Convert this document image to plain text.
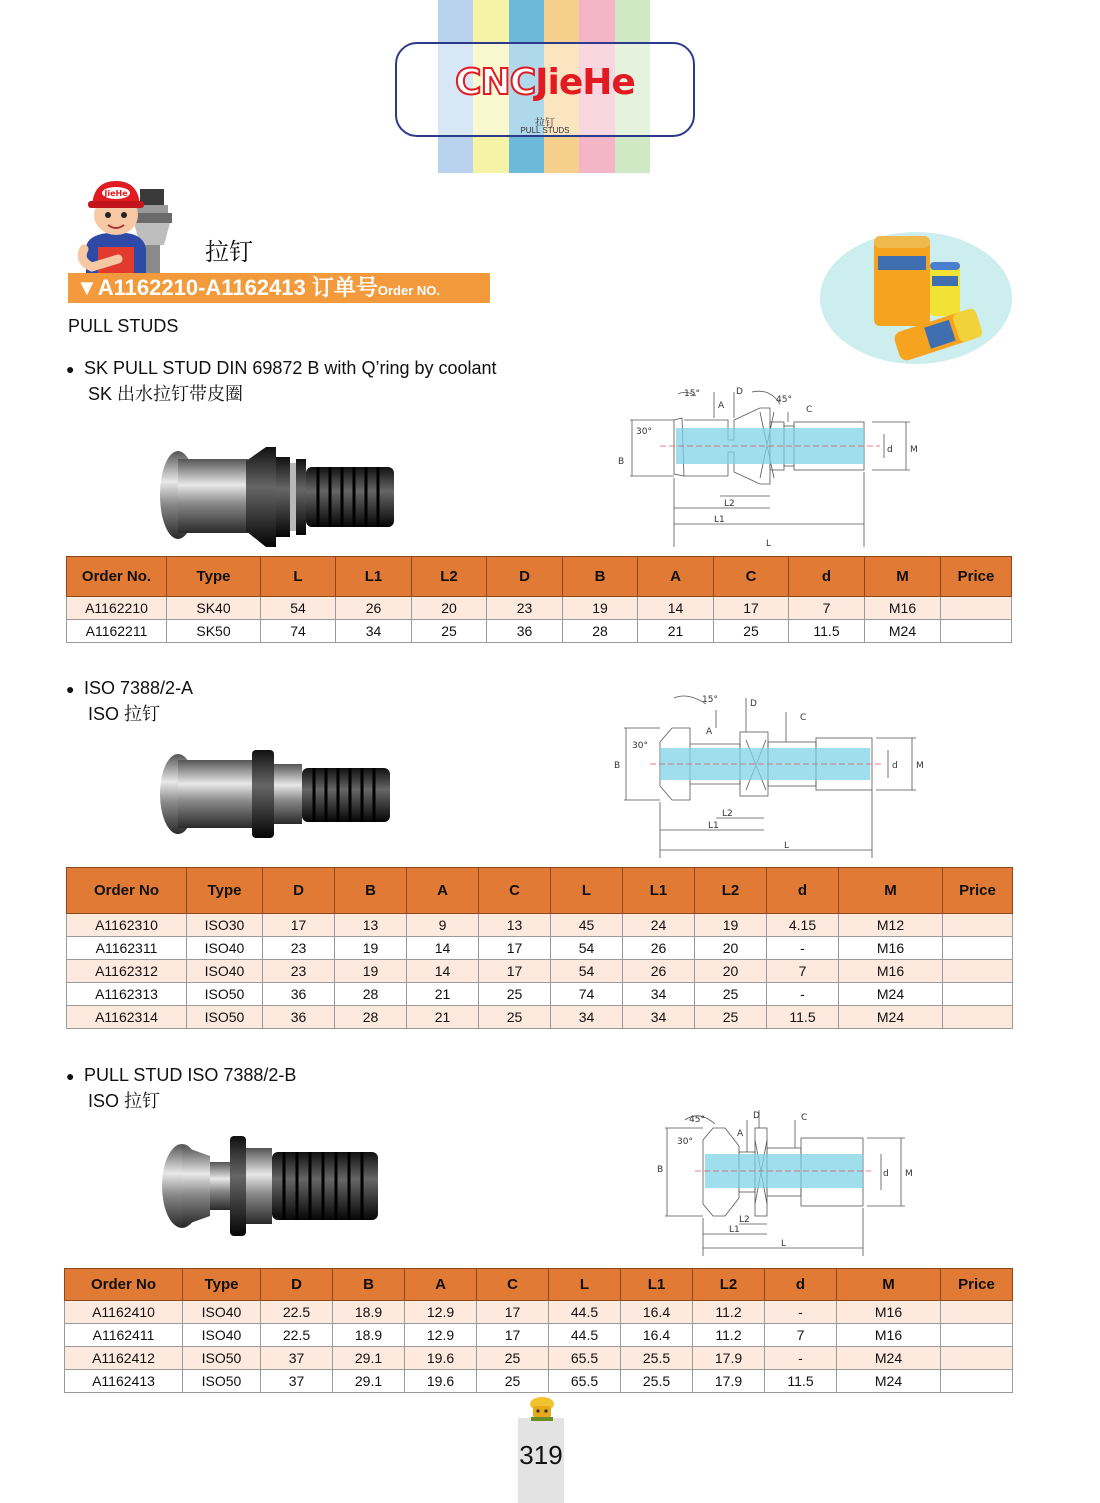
CNCJieHe
拉钉
PULL STUDS
JieHe
拉钉
▼A1162210-A1162413 订单号Order NO.
PULL STUDS
● SK PULL STUD DIN 69872 B with Q’ring by coolant
SK 出水拉钉带皮圈	15°
45°
30°
A
B
C
D
d M
L
L1
L2
Order No.	Type	L	L1	L2	D	B	A	C	d	M	Price
A1162210	SK40	54	26	20	23	19	14	17	7	M16	
A1162211	SK50	74	34	25	36	28	21	25	11.5	M24	
● ISO 7388/2-A
ISO 拉钉
15°
30°
A
B
C
D
d M
L
L1
L2
Order No	Type	D	B	A	C	L	L1	L2	d	M	Price
A1162310	ISO30	17	13	9	13	45	24	19	4.15	M12	
A1162311	ISO40	23	19	14	17	54	26	20	-	M16	
A1162312	ISO40	23	19	14	17	54	26	20	7	M16	
A1162313	ISO50	36	28	21	25	74	34	25	-	M24	
A1162314	ISO50	36	28	21	25	34	34	25	11.5	M24	
● PULL STUD ISO 7388/2-B
ISO 拉钉
45°
30°
A
B
C
D
d M
L
L1
L2
Order No	Type	D	B	A	C	L	L1	L2	d	M	Price
A1162410	ISO40	22.5	18.9	12.9	17	44.5	16.4	11.2	-	M16	
A1162411	ISO40	22.5	18.9	12.9	17	44.5	16.4	11.2	7	M16	
A1162412	ISO50	37	29.1	19.6	25	65.5	25.5	17.9	-	M24	
A1162413	ISO50	37	29.1	19.6	25	65.5	25.5	17.9	11.5	M24	
319
